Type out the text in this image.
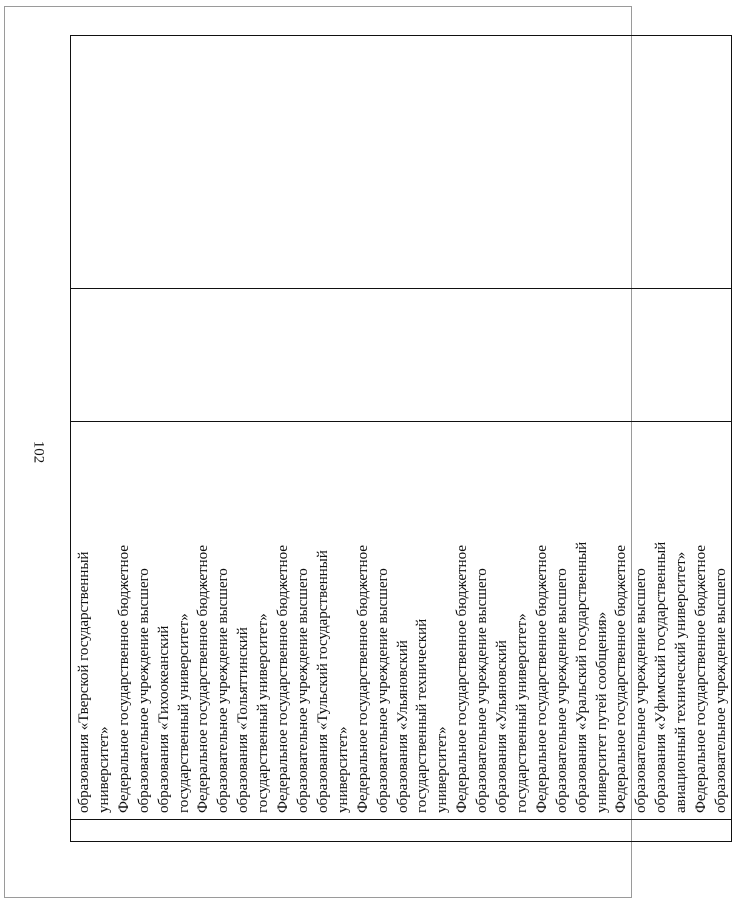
102

образования «Тверской государственный университет» Федеральное государственное бюджетное образовательное учреждение высшего образования «Тихоокеанский государственный университет» Федеральное государственное бюджетное образовательное учреждение высшего образования «Тольяттинский государственный университет» Федеральное государственное бюджетное образовательное учреждение высшего образования «Тульский государственный университет» Федеральное государственное бюджетное образовательное учреждение высшего образования «Ульяновский государственный технический университет» Федеральное государственное бюджетное образовательное учреждение высшего образования «Ульяновский государственный университет» Федеральное государственное бюджетное образовательное учреждение высшего образования «Уральский государственный университет путей сообщения» Федеральное государственное бюджетное образовательное учреждение высшего образования «Уфимский государственный авиационный технический университет» Федеральное государственное бюджетное образовательное учреждение высшего
